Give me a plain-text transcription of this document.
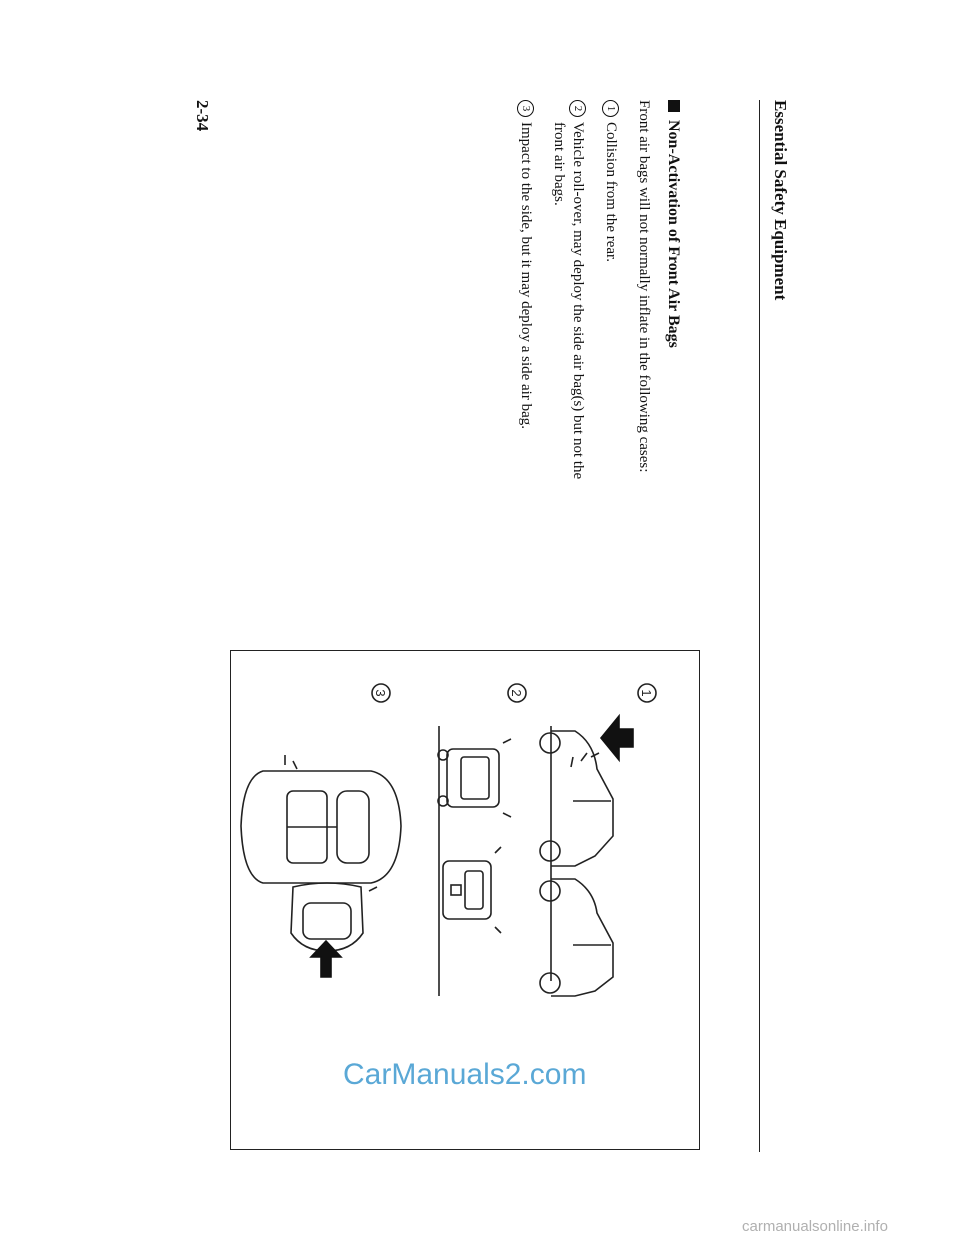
Essential Safety Equipment
Non-Activation of Front Air Bags
Front air bags will not normally inflate in the following cases:
1Collision from the rear.
2Vehicle roll-over, may deploy the side air bag(s) but not the
front air bags.
3Impact to the side, but it may deploy a side air bag.
1
2
3
2-34
CarManuals2.com
carmanualsonline.info
